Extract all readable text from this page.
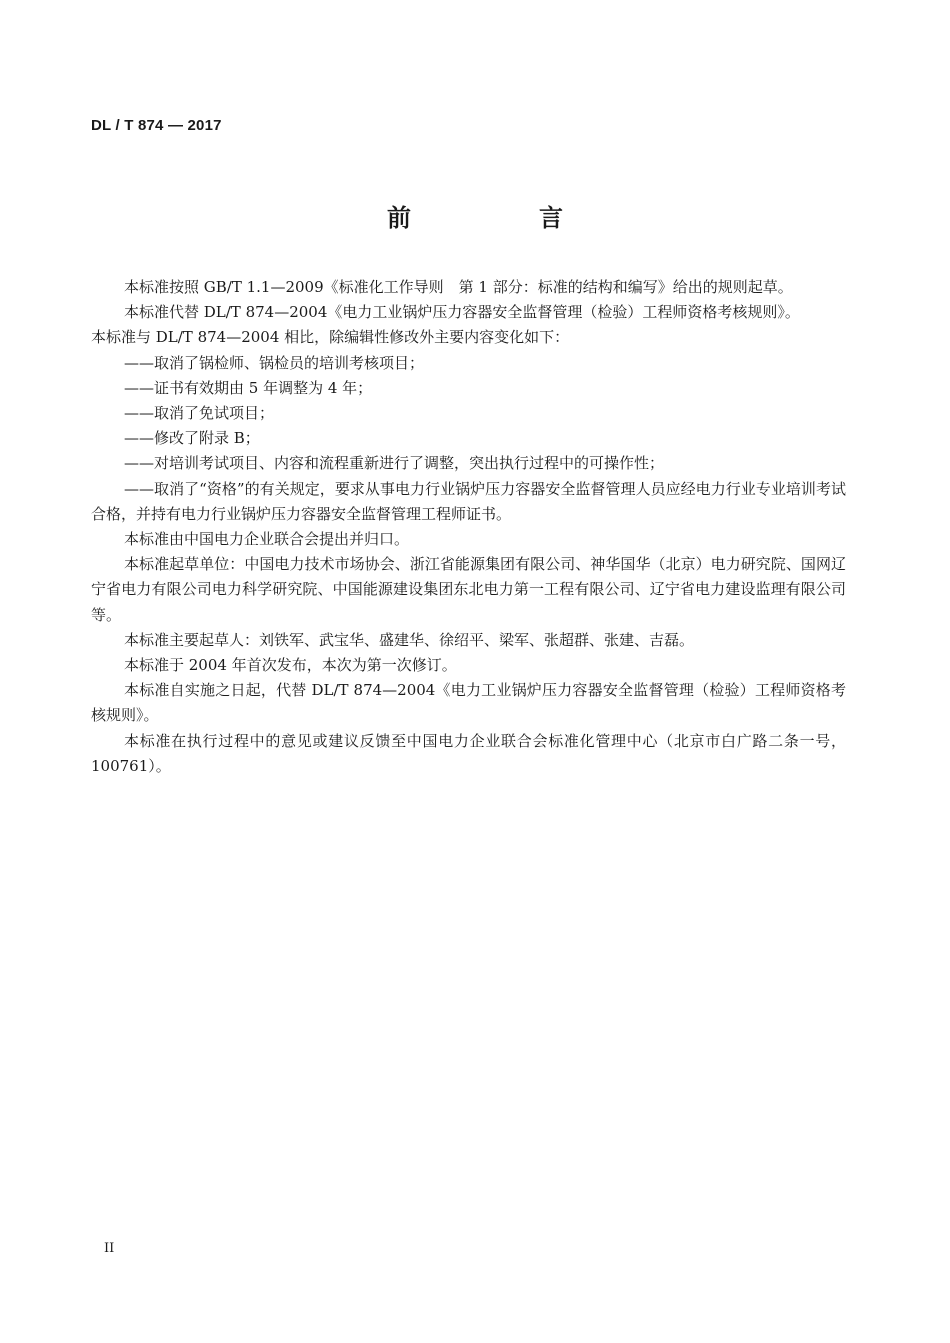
DL / T 874 — 2017
前　言

本标准按照 GB/T 1.1—2009《标准化工作导则　第 1 部分：标准的结构和编写》给出的规则起草。

本标准代替 DL/T 874—2004《电力工业锅炉压力容器安全监督管理（检验）工程师资格考核规则》。

本标准与 DL/T 874—2004 相比，除编辑性修改外主要内容变化如下：

——取消了锅检师、锅检员的培训考核项目；

——证书有效期由 5 年调整为 4 年；

——取消了免试项目；

——修改了附录 B；

——对培训考试项目、内容和流程重新进行了调整，突出执行过程中的可操作性；

——取消了“资格”的有关规定，要求从事电力行业锅炉压力容器安全监督管理人员应经电力行业专业培训考试合格，并持有电力行业锅炉压力容器安全监督管理工程师证书。

本标准由中国电力企业联合会提出并归口。

本标准起草单位：中国电力技术市场协会、浙江省能源集团有限公司、神华国华（北京）电力研究院、国网辽宁省电力有限公司电力科学研究院、中国能源建设集团东北电力第一工程有限公司、辽宁省电力建设监理有限公司等。

本标准主要起草人：刘铁军、武宝华、盛建华、徐绍平、梁军、张超群、张建、吉磊。

本标准于 2004 年首次发布，本次为第一次修订。

本标准自实施之日起，代替 DL/T 874—2004《电力工业锅炉压力容器安全监督管理（检验）工程师资格考核规则》。

本标准在执行过程中的意见或建议反馈至中国电力企业联合会标准化管理中心（北京市白广路二条一号，100761）。

II
